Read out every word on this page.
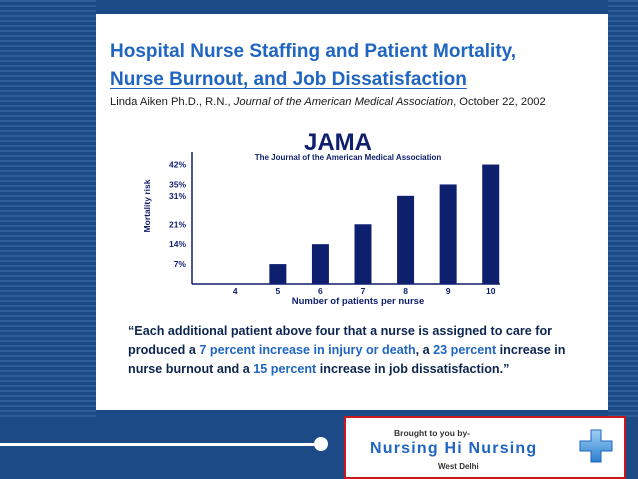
Hospital Nurse Staffing and Patient Mortality,
Nurse Burnout, and Job Dissatisfaction
Linda Aiken Ph.D., R.N., Journal of the American Medical Association, October 22, 2002
JAMA
The Journal of the American Medical Association
Mortality risk
Number of patients per nurse
7%
14%
21%
31%
35%
42%
4	5	6	7	8	9	10
“Each additional patient above four that a nurse is assigned to care for produced a 7 percent increase in injury or death, a 23 percent increase in nurse burnout and a 15 percent increase in job dissatisfaction.”
Brought to you by-
Nursing Hi Nursing
West Delhi
